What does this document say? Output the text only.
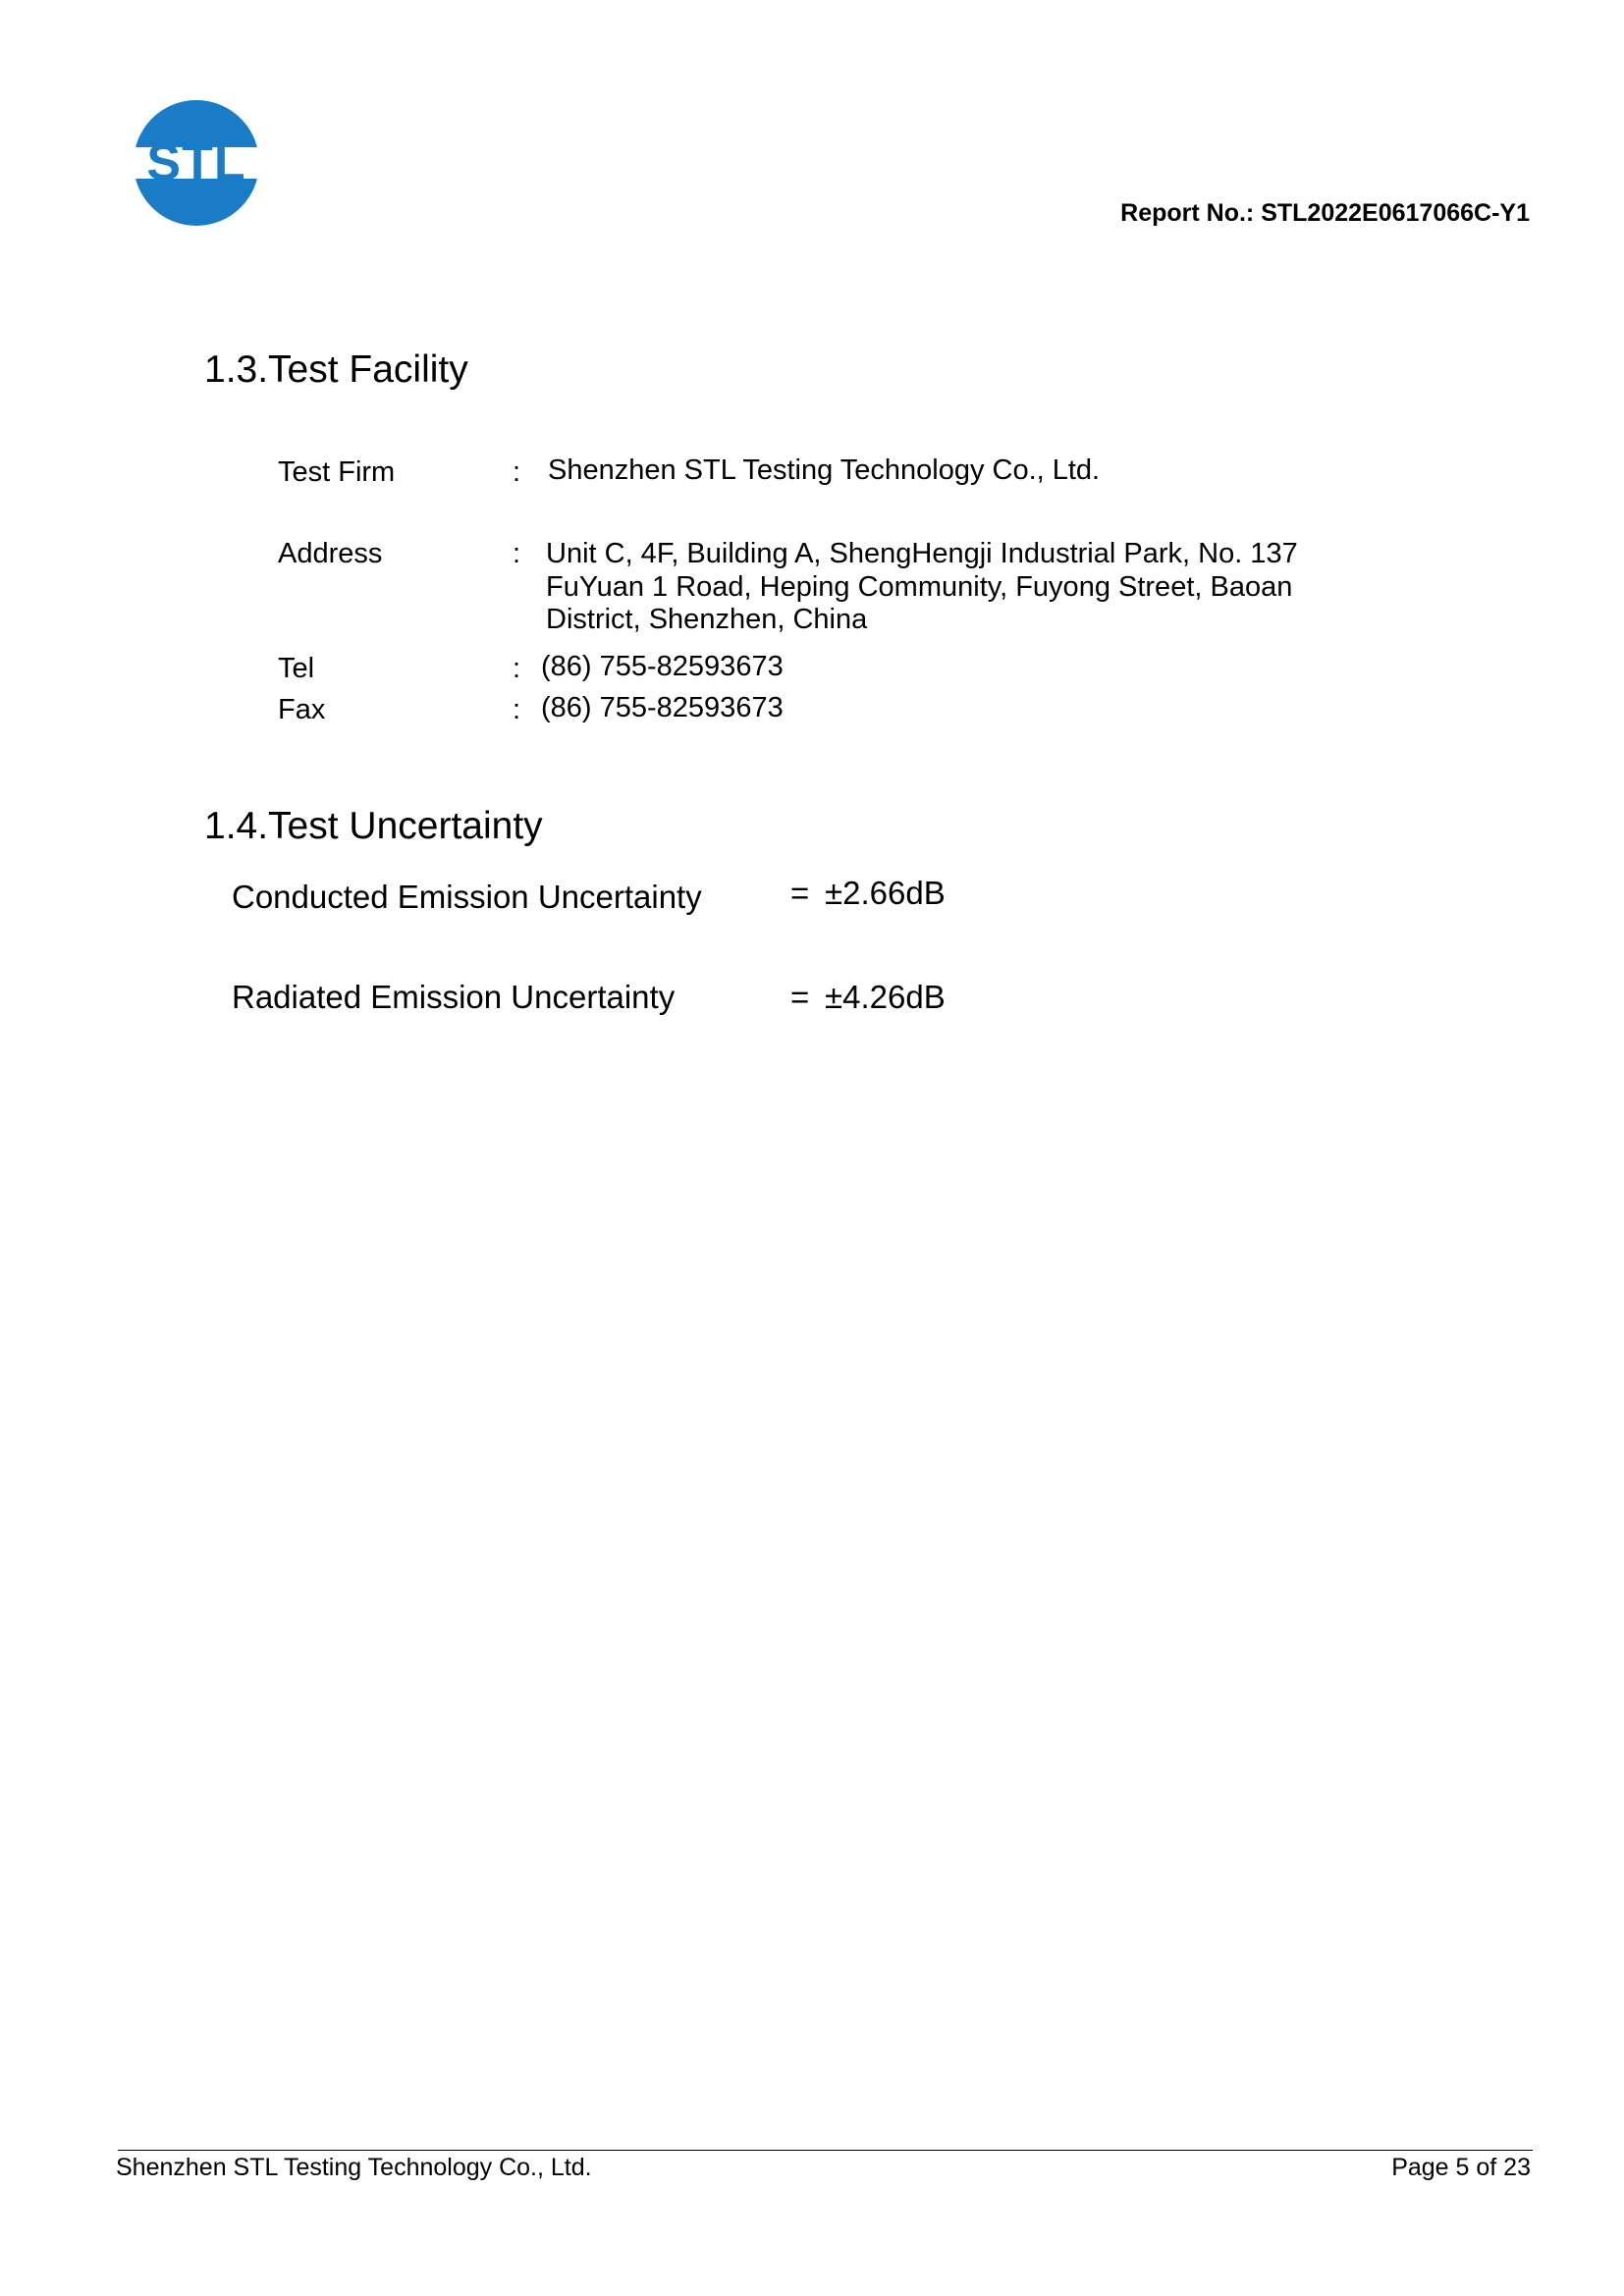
STL
Report No.: STL2022E0617066C-Y1
1.3.Test Facility
Test Firm	: Shenzhen STL Testing Technology Co., Ltd.
Address	: Unit C, 4F, Building A, ShengHengji Industrial Park, No. 137
FuYuan 1 Road, Heping Community, Fuyong Street, Baoan
District, Shenzhen, China
Tel	: (86) 755-82593673
Fax	: (86) 755-82593673
1.4.Test Uncertainty
Conducted Emission Uncertainty	= ±2.66dB
Radiated Emission Uncertainty	= ±4.26dB
Shenzhen STL Testing Technology Co., Ltd.	Page 5 of 23
